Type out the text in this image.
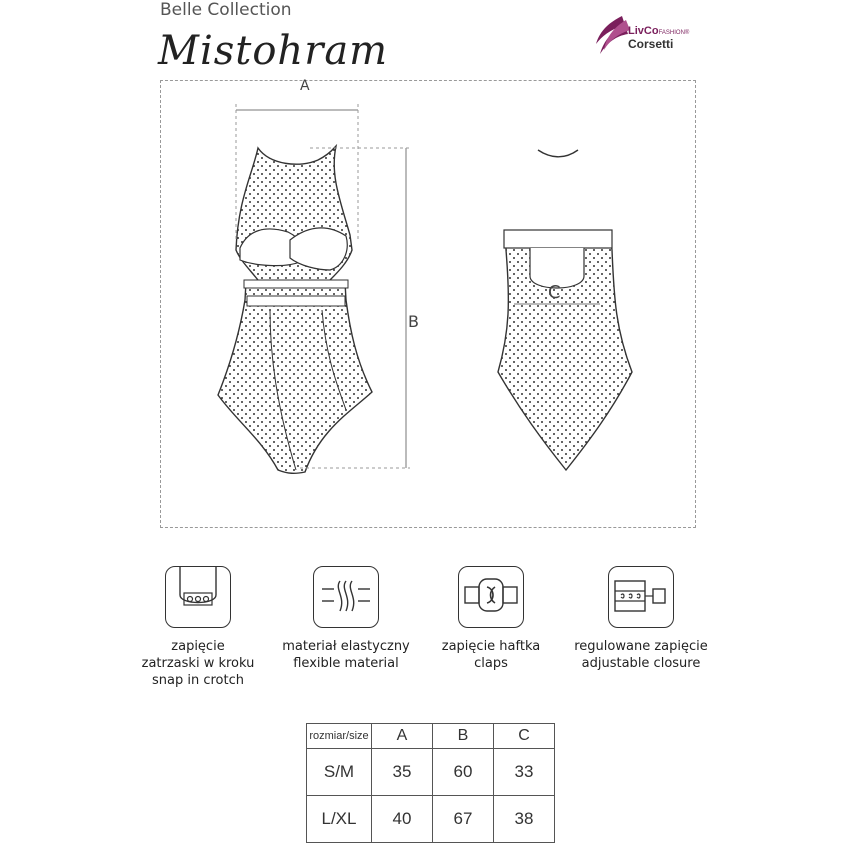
Belle Collection
Mistohram	LivCoFASHION®
Corsetti
A
B
C
zapięcie
zatrzaski w kroku
snap in crotch
materiał elastyczny
flexible material
zapięcie haftka
claps
regulowane zapięcie
adjustable closure
rozmiar/size	A	B	C
S/M	35	60	33
L/XL	40	67	38
